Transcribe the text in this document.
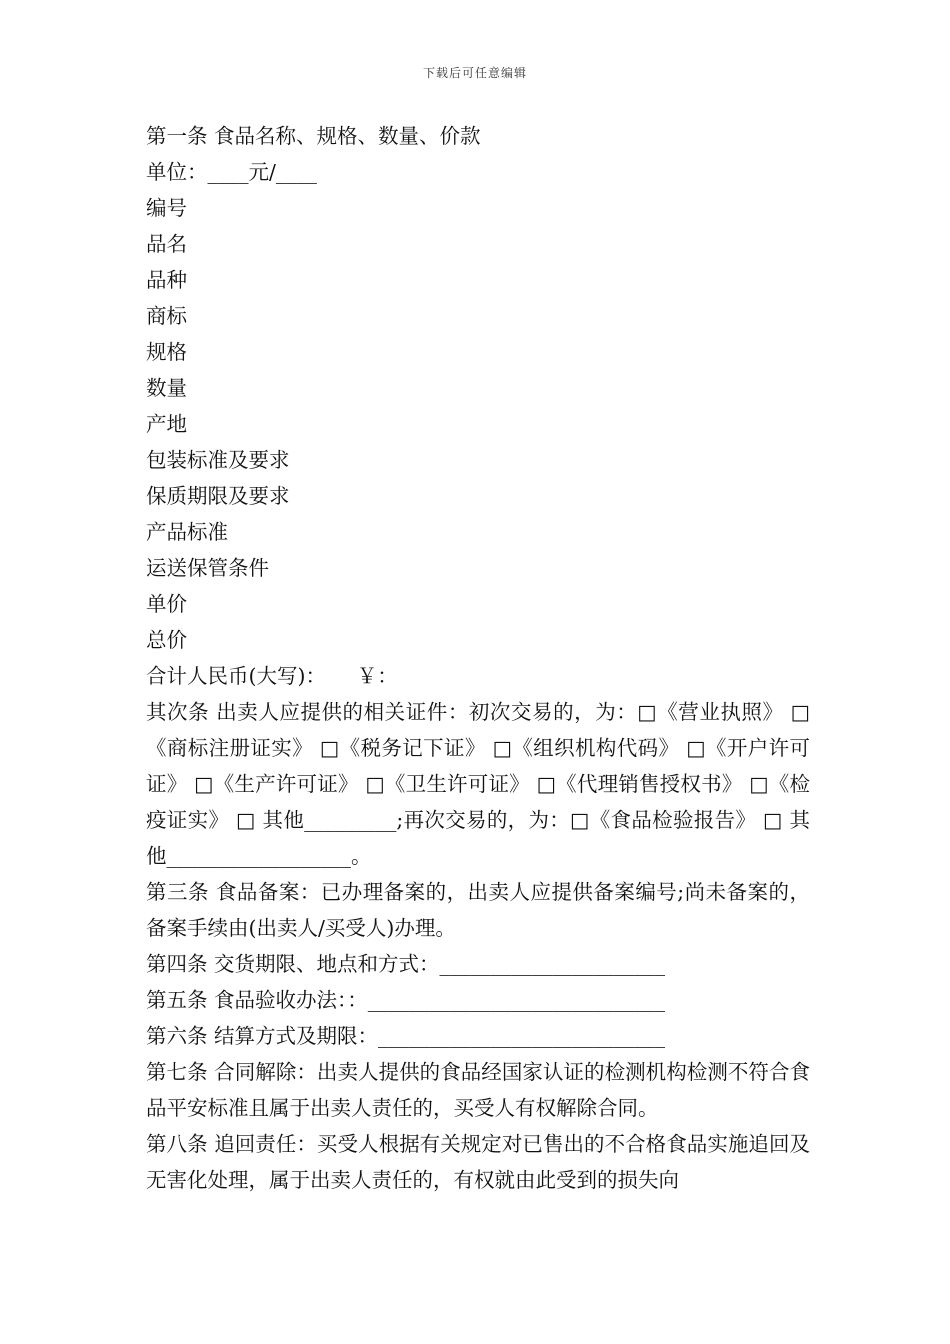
下载后可任意编辑

第一条 食品名称、规格、数量、价款

单位：____元/____

编号

品名

品种

商标

规格

数量

产地

包装标准及要求

保质期限及要求

产品标准

运送保管条件

单价

总价

合计人民币(大写)：　　￥：

其次条 出卖人应提供的相关证件：初次交易的，为：□《营业执照》 □《商标注册证实》 □《税务记下证》 □《组织机构代码》 □《开户许可证》 □《生产许可证》 □《卫生许可证》 □《代理销售授权书》 □《检疫证实》 □ 其他_________;再次交易的，为：□《食品检验报告》 □ 其他__________________。

第三条 食品备案：已办理备案的，出卖人应提供备案编号;尚未备案的，备案手续由(出卖人/买受人)办理。

第四条 交货期限、地点和方式：______________________

第五条 食品验收办法：：_____________________________

第六条 结算方式及期限：____________________________

第七条 合同解除：出卖人提供的食品经国家认证的检测机构检测不符合食品平安标准且属于出卖人责任的，买受人有权解除合同。

第八条 追回责任：买受人根据有关规定对已售出的不合格食品实施追回及无害化处理，属于出卖人责任的，有权就由此受到的损失向
